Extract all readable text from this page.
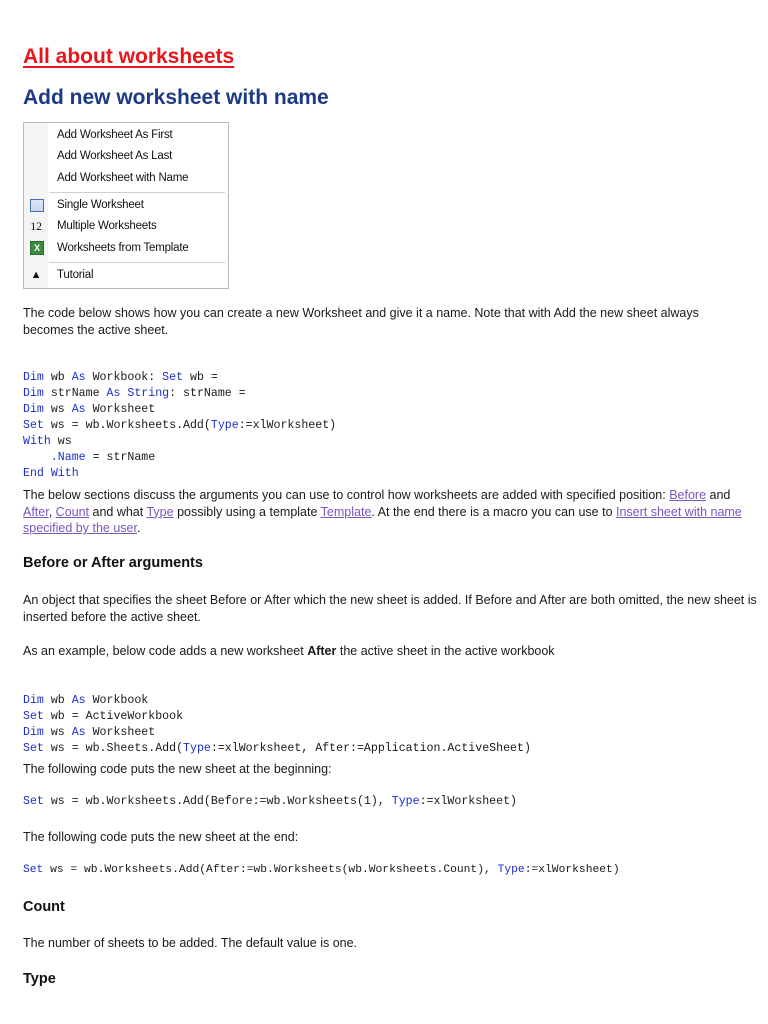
All about worksheets
Add new worksheet with name
Add Worksheet As First
Add Worksheet As Last
Add Worksheet with Name
Single Worksheet
12 Multiple Worksheets
X	Worksheets from Template
▲ Tutorial
The code below shows how you can create a new Worksheet and give it a name. Note that with Add the new sheet always becomes the active sheet.

Dim wb As Workbook: Set wb =
Dim strName As String: strName =
Dim ws As Worksheet
Set ws = wb.Worksheets.Add(Type:=xlWorksheet)
With ws
.Name = strName
End With

The below sections discuss the arguments you can use to control how worksheets are added with specified position: Before and After, Count and what Type possibly using a template Template. At the end there is a macro you can use to Insert sheet with name specified by the user.
Before or After arguments
An object that specifies the sheet Before or After which the new sheet is added. If Before and After are both omitted, the new sheet is inserted before the active sheet.
As an example, below code adds a new worksheet After the active sheet in the active workbook

Dim wb As Workbook
Set wb = ActiveWorkbook
Dim ws As Worksheet
Set ws = wb.Sheets.Add(Type:=xlWorksheet, After:=Application.ActiveSheet)

The following code puts the new sheet at the beginning:
Set ws = wb.Worksheets.Add(Before:=wb.Worksheets(1), Type:=xlWorksheet)
The following code puts the new sheet at the end:
Set ws = wb.Worksheets.Add(After:=wb.Worksheets(wb.Worksheets.Count), Type:=xlWorksheet)
Count
The number of sheets to be added. The default value is one.
Type
